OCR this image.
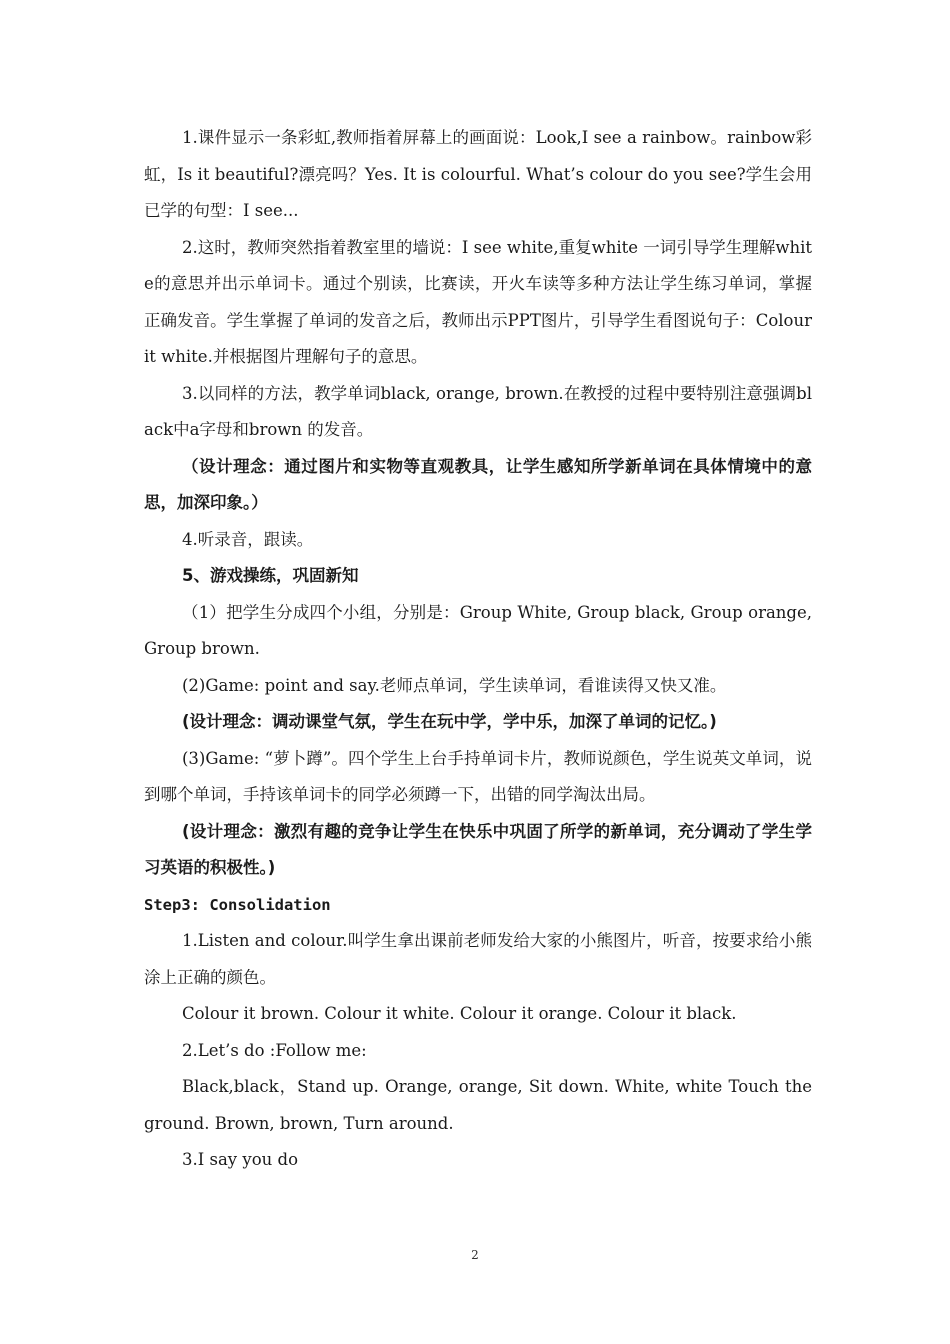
1.课件显示一条彩虹,教师指着屏幕上的画面说：Look,I see a rainbow。rainbow彩虹，Is it beautiful?漂亮吗？Yes. It is colourful. What’s colour do you see?学生会用已学的句型：I see...

2.这时，教师突然指着教室里的墙说：I see white,重复white 一词引导学生理解white的意思并出示单词卡。通过个别读，比赛读，开火车读等多种方法让学生练习单词，掌握正确发音。学生掌握了单词的发音之后，教师出示PPT图片，引导学生看图说句子：Colour it white.并根据图片理解句子的意思。

3.以同样的方法，教学单词black, orange, brown.在教授的过程中要特别注意强调black中a字母和brown 的发音。

（设计理念：通过图片和实物等直观教具，让学生感知所学新单词在具体情境中的意思，加深印象。）

4.听录音，跟读。

5、游戏操练，巩固新知

（1）把学生分成四个小组，分别是：Group White, Group black, Group orange, Group brown.

(2)Game: point and say.老师点单词，学生读单词，看谁读得又快又准。

(设计理念：调动课堂气氛，学生在玩中学，学中乐，加深了单词的记忆。)

(3)Game: “萝卜蹲”。四个学生上台手持单词卡片，教师说颜色，学生说英文单词，说到哪个单词，手持该单词卡的同学必须蹲一下，出错的同学淘汰出局。

(设计理念：激烈有趣的竞争让学生在快乐中巩固了所学的新单词，充分调动了学生学习英语的积极性。)

Step3: Consolidation

1.Listen and colour.叫学生拿出课前老师发给大家的小熊图片，听音，按要求给小熊涂上正确的颜色。

Colour it brown. Colour it white. Colour it orange. Colour it black.

2.Let’s do :Follow me:

Black,black，Stand up. Orange, orange, Sit down. White, white Touch the ground. Brown, brown, Turn around.

3.I say you do

2
